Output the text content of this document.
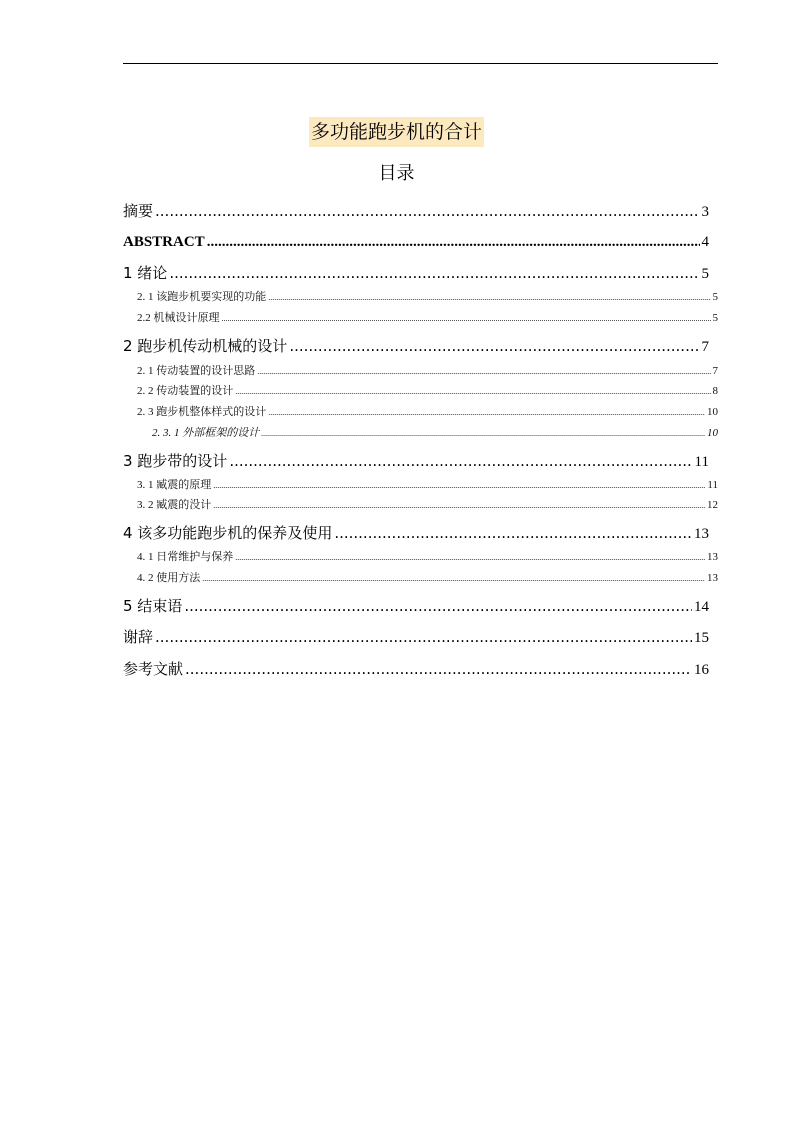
多功能跑步机的合计
目录
摘要 .....	3
ABSTRACT .....	4
1 绪论 .....	5
2. 1 该跑步机要实现的功能 .....	5
2.2 机械设计原理 .....	5
2 跑步机传动机械的设计 .....	7
2. 1 传动装置的设计思路 .....	7
2. 2 传动装置的设计 .....	8
2. 3 跑步机整体样式的设计 .....	10
2. 3. 1 外部框架的设计 .....	10
3 跑步带的设计 .....	11
3. 1 臧震的原理 .....	11
3. 2 臧震的没计 .....	12
4 该多功能跑步机的保养及使用 .....	13
4. 1 日常维护与保养 .....	13
4. 2 使用方法 .....	13
5 结束语 .....	14
谢辞 .....	15
参考文献 .....	16
